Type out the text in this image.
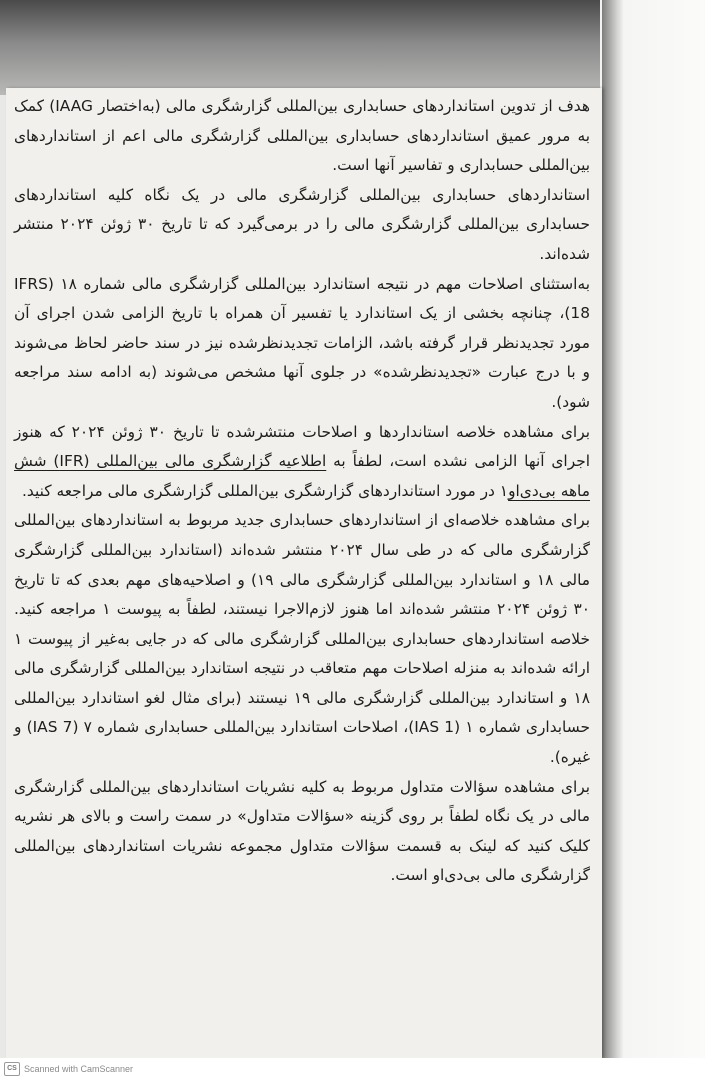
هدف از تدوین استانداردهای حسابداری بین‌المللی گزارشگری مالی (به‌اختصار IAAG) کمک به مرور عمیق استانداردهای حسابداری بین‌المللی گزارشگری مالی اعم از استانداردهای بین‌المللی حسابداری و تفاسیر آنها است.

استانداردهای حسابداری بین‌المللی گزارشگری مالی در یک نگاه کلیه استانداردهای حسابداری بین‌المللی گزارشگری مالی را در برمی‌گیرد که تا تاریخ ۳۰ ژوئن ۲۰۲۴ منتشر شده‌اند.

به‌استثنای اصلاحات مهم در نتیجه استاندارد بین‌المللی گزارشگری مالی شماره ۱۸ (IFRS 18)، چنانچه بخشی از یک استاندارد یا تفسیر آن همراه با تاریخ الزامی شدن اجرای آن مورد تجدیدنظر قرار گرفته باشد، الزامات تجدیدنظرشده نیز در سند حاضر لحاظ می‌شوند و با درج عبارت «تجدیدنظرشده» در جلوی آنها مشخص می‌شوند (به ادامه سند مراجعه شود).

برای مشاهده خلاصه استانداردها و اصلاحات منتشرشده تا تاریخ ۳۰ ژوئن ۲۰۲۴ که هنوز اجرای آنها الزامی نشده است، لطفاً به اطلاعیه گزارشگری مالی بین‌المللی (IFR) شش ماهه بی‌دی‌او۱ در مورد استانداردهای گزارشگری بین‌المللی گزارشگری مالی مراجعه کنید.

برای مشاهده خلاصه‌ای از استانداردهای حسابداری جدید مربوط به استانداردهای بین‌المللی گزارشگری مالی که در طی سال ۲۰۲۴ منتشر شده‌اند (استاندارد بین‌المللی گزارشگری مالی ۱۸ و استاندارد بین‌المللی گزارشگری مالی ۱۹) و اصلاحیه‌های مهم بعدی که تا تاریخ ۳۰ ژوئن ۲۰۲۴ منتشر شده‌اند اما هنوز لازم‌الاجرا نیستند، لطفاً به پیوست ۱ مراجعه کنید. خلاصه استانداردهای حسابداری بین‌المللی گزارشگری مالی که در جایی به‌غیر از پیوست ۱ ارائه شده‌اند به منزله اصلاحات مهم متعاقب در نتیجه استاندارد بین‌المللی گزارشگری مالی ۱۸ و استاندارد بین‌المللی گزارشگری مالی ۱۹ نیستند (برای مثال لغو استاندارد بین‌المللی حسابداری شماره ۱ (IAS 1)، اصلاحات استاندارد بین‌المللی حسابداری شماره ۷ (IAS 7) و غیره).

برای مشاهده سؤالات متداول مربوط به کلیه نشریات استانداردهای بین‌المللی گزارشگری مالی در یک نگاه لطفاً بر روی گزینه «سؤالات متداول» در سمت راست و بالای هر نشریه کلیک کنید که لینک به قسمت سؤالات متداول مجموعه نشریات استانداردهای بین‌المللی گزارشگری مالی بی‌دی‌او است.

CS Scanned with CamScanner
